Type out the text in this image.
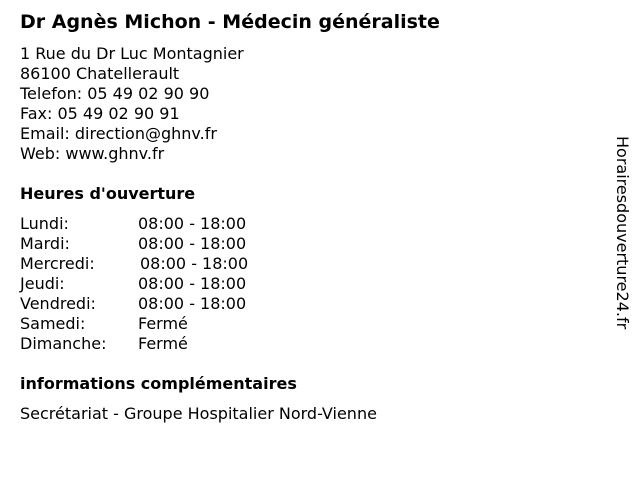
Dr Agnès Michon - Médecin généraliste
1 Rue du Dr Luc Montagnier
86100 Chatellerault
Telefon: 05 49 02 90 90
Fax: 05 49 02 90 91
Email: direction@ghnv.fr
Web: www.ghnv.fr
Heures d'ouverture
Lundi:	08:00 - 18:00
Mardi:	08:00 - 18:00
Mercredi:	08:00 - 18:00
Jeudi:	08:00 - 18:00
Vendredi:	08:00 - 18:00
Samedi:	Fermé
Dimanche: Fermé
informations complémentaires
Secrétariat - Groupe Hospitalier Nord-Vienne
Horairesdouverture24.fr
